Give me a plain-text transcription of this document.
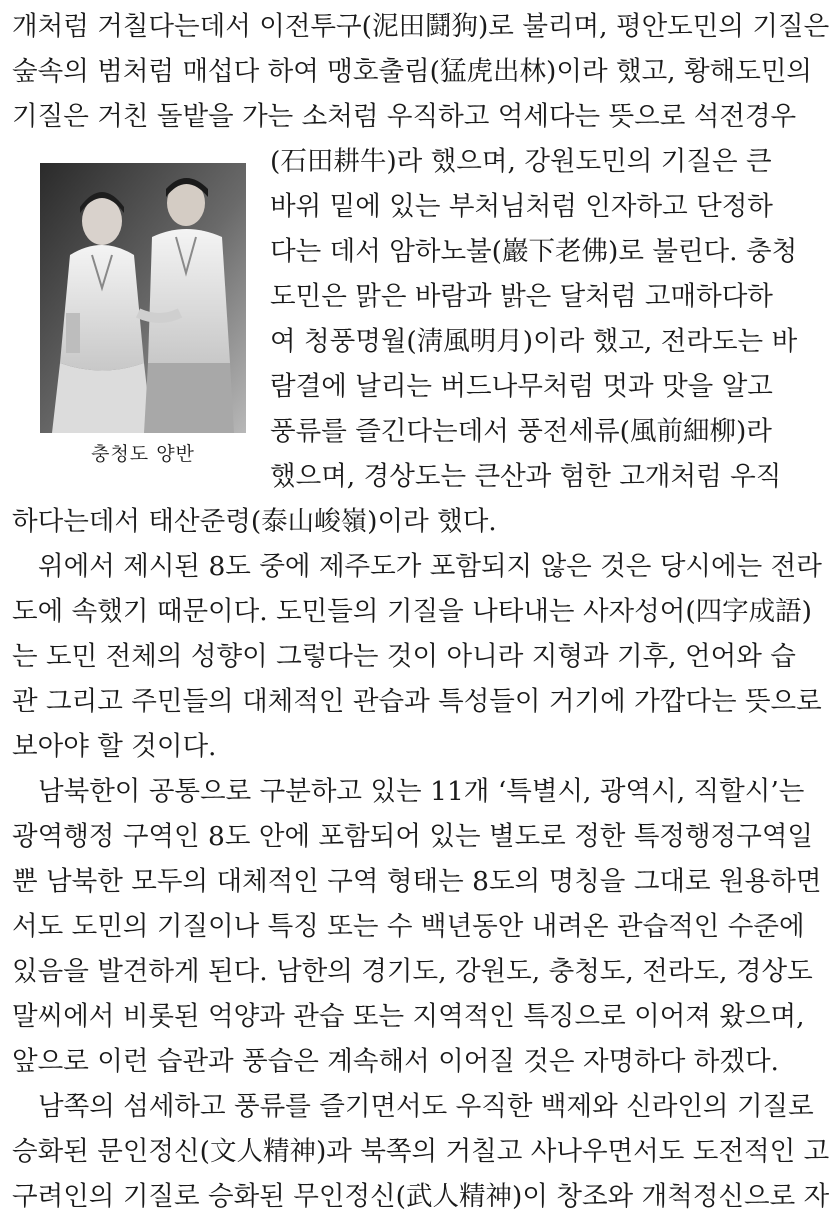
개처럼 거칠다는데서 이전투구(泥田鬪狗)로 불리며, 평안도민의 기질은
숲속의 범처럼 매섭다 하여 맹호출림(猛虎出林)이라 했고, 황해도민의
기질은 거친 돌밭을 가는 소처럼 우직하고 억세다는 뜻으로 석전경우
충청도 양반
(石田耕牛)라 했으며, 강원도민의 기질은 큰
바위 밑에 있는 부처님처럼 인자하고 단정하
다는 데서 암하노불(巖下老佛)로 불린다. 충청
도민은 맑은 바람과 밝은 달처럼 고매하다하
여 청풍명월(淸風明月)이라 했고, 전라도는 바
람결에 날리는 버드나무처럼 멋과 맛을 알고
풍류를 즐긴다는데서 풍전세류(風前細柳)라
했으며, 경상도는 큰산과 험한 고개처럼 우직
하다는데서 태산준령(泰山峻嶺)이라 했다.
위에서 제시된 8도 중에 제주도가 포함되지 않은 것은 당시에는 전라
도에 속했기 때문이다. 도민들의 기질을 나타내는 사자성어(四字成語)
는 도민 전체의 성향이 그렇다는 것이 아니라 지형과 기후, 언어와 습
관 그리고 주민들의 대체적인 관습과 특성들이 거기에 가깝다는 뜻으로
보아야 할 것이다.
남북한이 공통으로 구분하고 있는 11개 ‘특별시, 광역시, 직할시’는
광역행정 구역인 8도 안에 포함되어 있는 별도로 정한 특정행정구역일
뿐 남북한 모두의 대체적인 구역 형태는 8도의 명칭을 그대로 원용하면
서도 도민의 기질이나 특징 또는 수 백년동안 내려온 관습적인 수준에
있음을 발견하게 된다. 남한의 경기도, 강원도, 충청도, 전라도, 경상도
말씨에서 비롯된 억양과 관습 또는 지역적인 특징으로 이어져 왔으며,
앞으로 이런 습관과 풍습은 계속해서 이어질 것은 자명하다 하겠다.
남쪽의 섬세하고 풍류를 즐기면서도 우직한 백제와 신라인의 기질로
승화된 문인정신(文人精神)과 북쪽의 거칠고 사나우면서도 도전적인 고
구려인의 기질로 승화된 무인정신(武人精神)이 창조와 개척정신으로 자
